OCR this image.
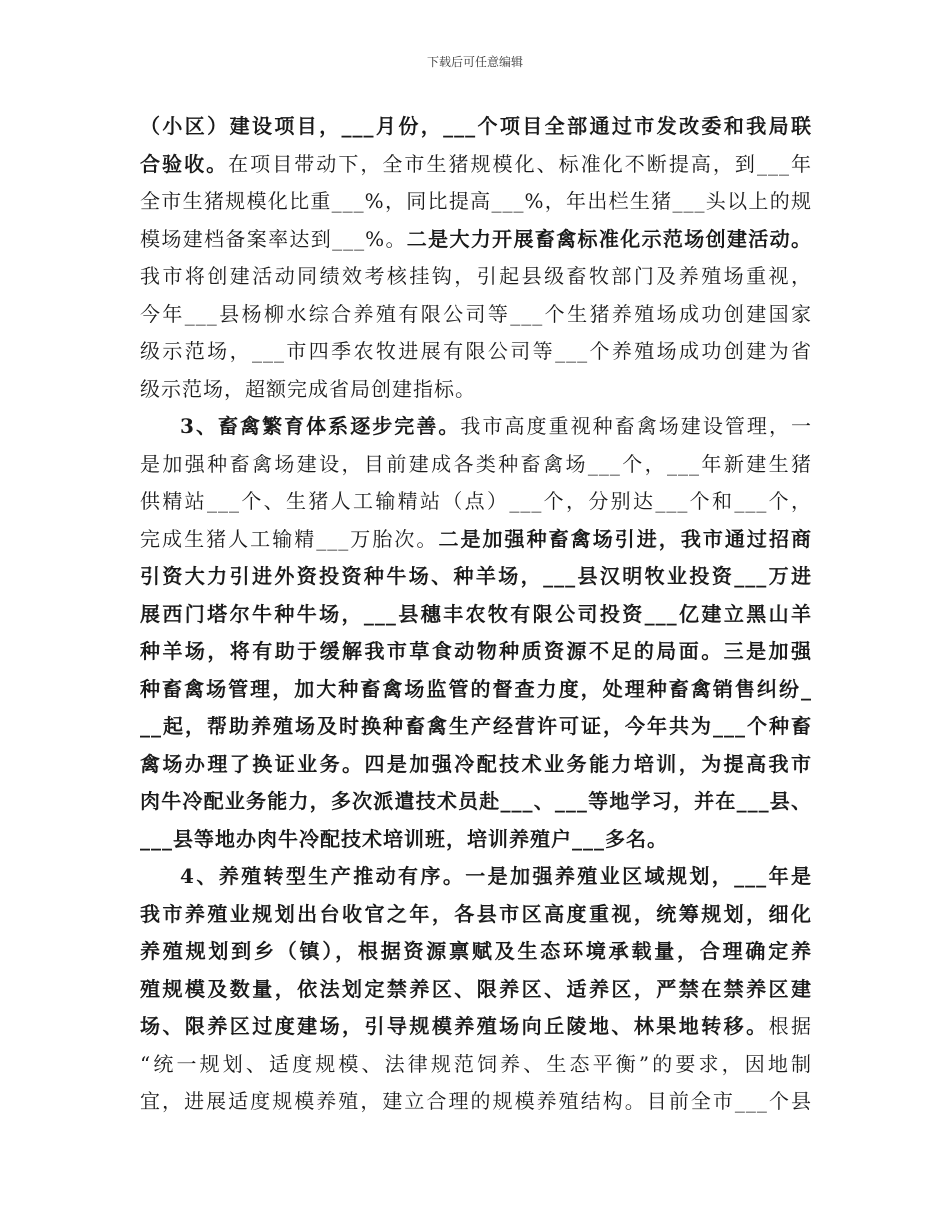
下载后可任意编辑
（小区）建设项目，___月份，___个项目全部通过市发改委和我局联
合验收。在项目带动下，全市生猪规模化、标准化不断提高，到___年
全市生猪规模化比重___%，同比提高___%，年出栏生猪___头以上的规
模场建档备案率达到___%。二是大力开展畜禽标准化示范场创建活动。
我市将创建活动同绩效考核挂钩，引起县级畜牧部门及养殖场重视，
今年___县杨柳水综合养殖有限公司等___个生猪养殖场成功创建国家
级示范场，___市四季农牧进展有限公司等___个养殖场成功创建为省
级示范场，超额完成省局创建指标。
3、畜禽繁育体系逐步完善。我市高度重视种畜禽场建设管理，一
是加强种畜禽场建设，目前建成各类种畜禽场___个，___年新建生猪
供精站___个、生猪人工输精站（点）___个，分别达___个和___个，
完成生猪人工输精___万胎次。二是加强种畜禽场引进，我市通过招商
引资大力引进外资投资种牛场、种羊场，___县汉明牧业投资___万进
展西门塔尔牛种牛场，___县穗丰农牧有限公司投资___亿建立黑山羊
种羊场，将有助于缓解我市草食动物种质资源不足的局面。三是加强
种畜禽场管理，加大种畜禽场监管的督查力度，处理种畜禽销售纠纷_
__起，帮助养殖场及时换种畜禽生产经营许可证，今年共为___个种畜
禽场办理了换证业务。四是加强冷配技术业务能力培训，为提高我市
肉牛冷配业务能力，多次派遣技术员赴___、___等地学习，并在___县、
___县等地办肉牛冷配技术培训班，培训养殖户___多名。
4、养殖转型生产推动有序。一是加强养殖业区域规划，___年是
我市养殖业规划出台收官之年，各县市区高度重视，统筹规划，细化
养殖规划到乡（镇），根据资源禀赋及生态环境承载量，合理确定养
殖规模及数量，依法划定禁养区、限养区、适养区，严禁在禁养区建
场、限养区过度建场，引导规模养殖场向丘陵地、林果地转移。根据
“统一规划、适度规模、法律规范饲养、生态平衡”的要求，因地制
宜，进展适度规模养殖，建立合理的规模养殖结构。目前全市___个县
